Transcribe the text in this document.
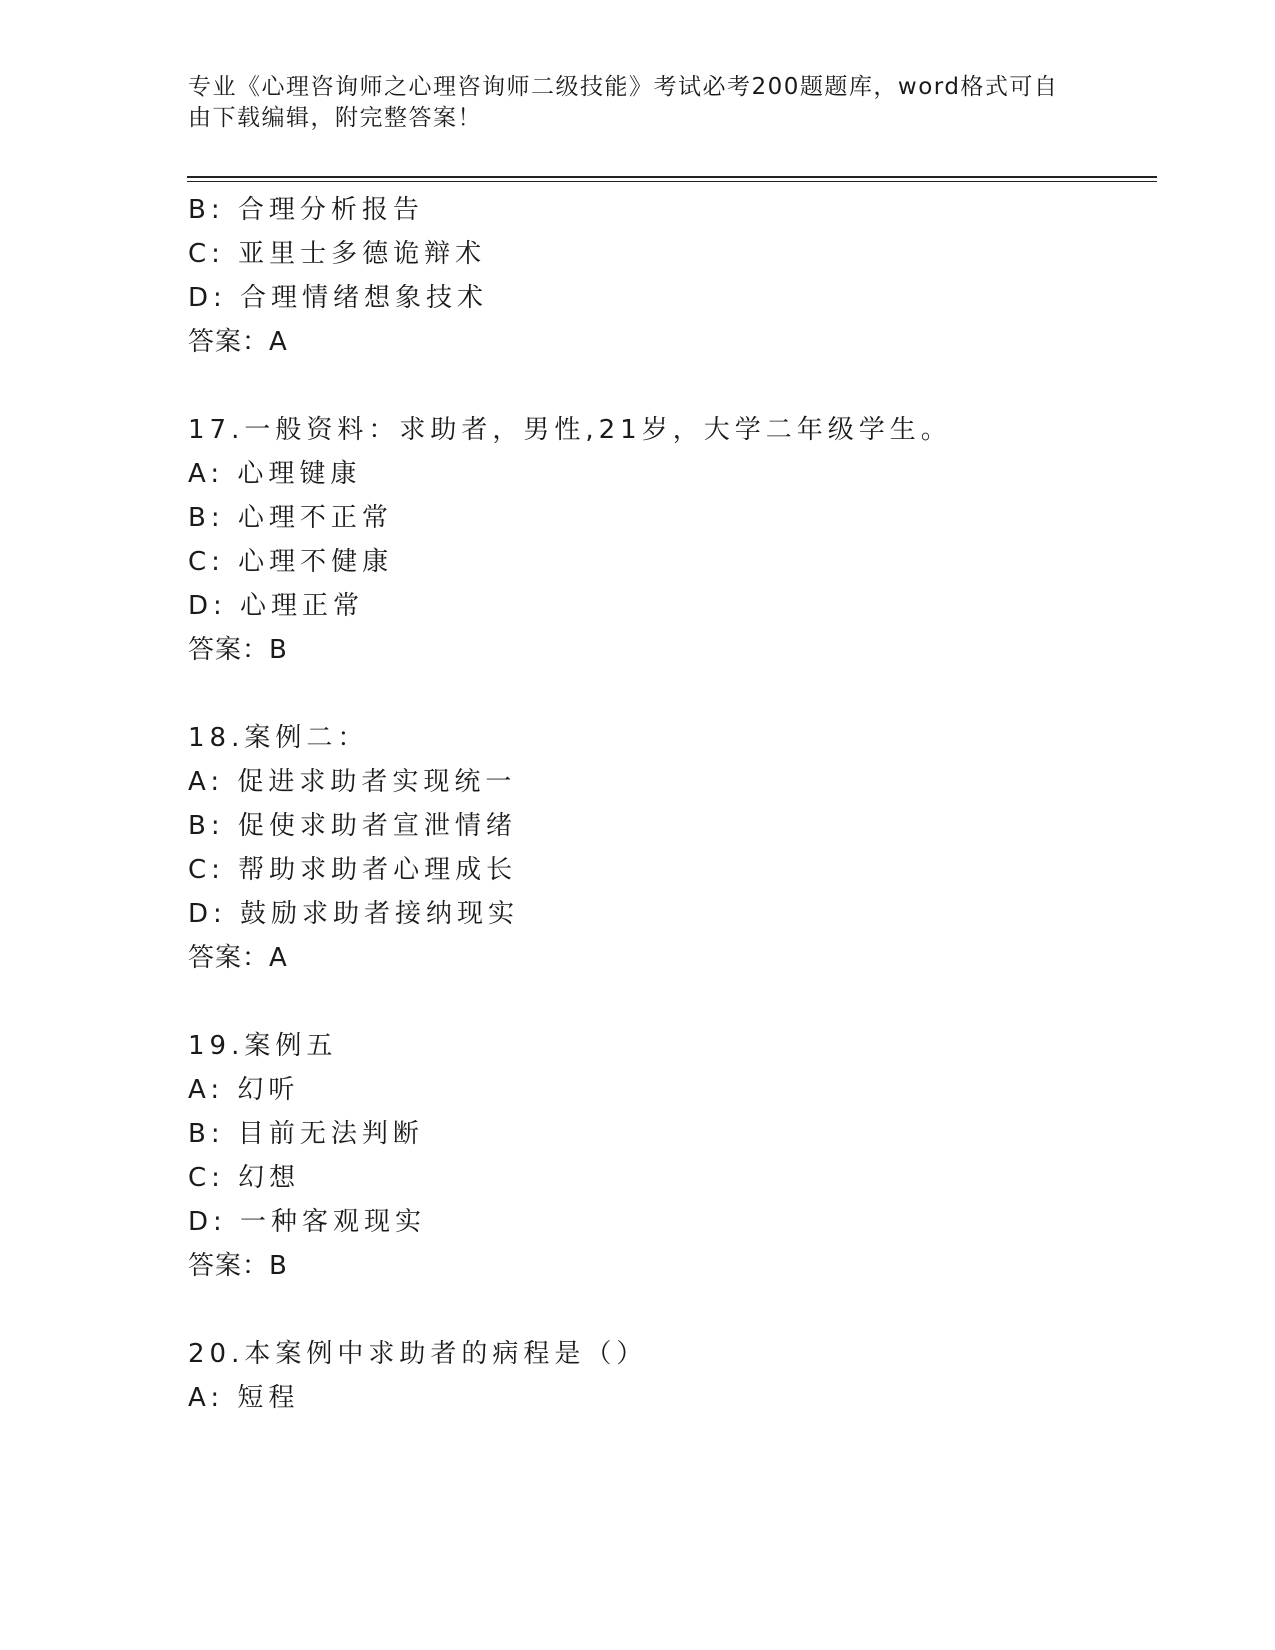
专业《心理咨询师之心理咨询师二级技能》考试必考200题题库，word格式可自
由下载编辑，附完整答案！
B: 合理分析报告
C: 亚里士多德诡辩术
D: 合理情绪想象技术
答案：A
17.一般资料：求助者，男性,21岁，大学二年级学生。
A: 心理键康
B: 心理不正常
C: 心理不健康
D: 心理正常
答案：B
18.案例二：
A: 促进求助者实现统一
B: 促使求助者宣泄情绪
C: 帮助求助者心理成长
D: 鼓励求助者接纳现实
答案：A
19.案例五
A: 幻听
B: 目前无法判断
C: 幻想
D: 一种客观现实
答案：B
20.本案例中求助者的病程是（）
A: 短程
